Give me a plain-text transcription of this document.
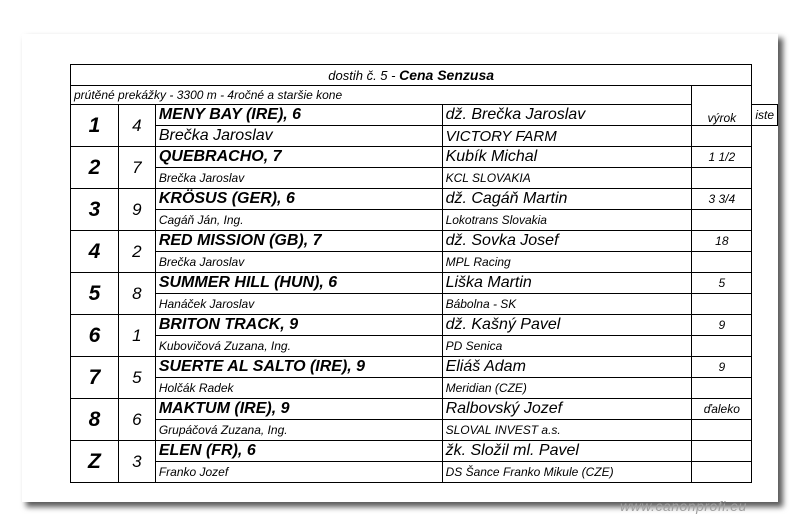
dostih č. 5 - Cena Senzusa					
prútěné prekážky - 3300 m - 4ročné a staršie kone				výrok	
1	4	MENY BAY (IRE), 6	dž. Brečka Jaroslav		iste
		Brečka Jaroslav	VICTORY FARM		
2	7	QUEBRACHO, 7	Kubík Michal	1 1/2	
		Brečka Jaroslav	KCL SLOVAKIA		
3	9	KRÖSUS (GER), 6	dž. Cagáň Martin	3 3/4	
		Cagáň Ján, Ing.	Lokotrans Slovakia		
4	2	RED MISSION (GB), 7	dž. Sovka Josef	18	
		Brečka Jaroslav	MPL Racing		
5	8	SUMMER HILL (HUN), 6	Liška Martin	5	
		Hanáček Jaroslav	Bábolna - SK		
6	1	BRITON TRACK, 9	dž. Kašný Pavel	9	
		Kubovičová Zuzana, Ing.	PD Senica		
7	5	SUERTE AL SALTO (IRE), 9	Eliáš Adam	9	
		Holčák Radek	Meridian (CZE)		
8	6	MAKTUM (IRE), 9	Ralbovský Jozef	ďaleko	
		Grupáčová Zuzana, Ing.	SLOVAL INVEST a.s.		
Z	3	ELEN (FR), 6	žk. Složil ml. Pavel		
		Franko Jozef	DS Šance Franko Mikule (CZE)		
www.canonprofi.eu
